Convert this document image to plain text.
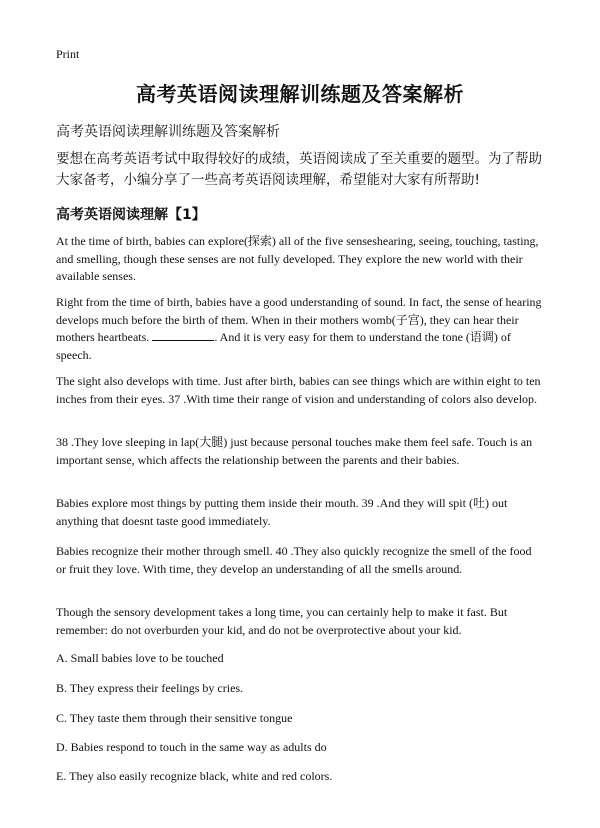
Print
高考英语阅读理解训练题及答案解析
高考英语阅读理解训练题及答案解析
要想在高考英语考试中取得较好的成绩，英语阅读成了至关重要的题型。为了帮助大家备考，小编分享了一些高考英语阅读理解，希望能对大家有所帮助!
高考英语阅读理解【1】
At the time of birth, babies can explore(探索) all of the five senseshearing, seeing, touching, tasting, and smelling, though these senses are not fully developed. They explore the new world with their available senses.
Right from the time of birth, babies have a good understanding of sound. In fact, the sense of hearing develops much before the birth of them. When in their mothers womb(子宫), they can hear their mothers heartbeats.	. And it is very easy for them to understand the tone (语调) of speech.
The sight also develops with time. Just after birth, babies can see things which are within eight to ten inches from their eyes. 37 .With time their range of vision and understanding of colors also develop.
38 .They love sleeping in lap(大腿) just because personal touches make them feel safe. Touch is an important sense, which affects the relationship between the parents and their babies.
Babies explore most things by putting them inside their mouth. 39 .And they will spit (吐) out anything that doesnt taste good immediately.
Babies recognize their mother through smell. 40 .They also quickly recognize the smell of the food or fruit they love. With time, they develop an understanding of all the smells around.
Though the sensory development takes a long time, you can certainly help to make it fast. But remember: do not overburden your kid, and do not be overprotective about your kid.
A. Small babies love to be touched
B. They express their feelings by cries.
C. They taste them through their sensitive tongue
D. Babies respond to touch in the same way as adults do
E. They also easily recognize black, white and red colors.
